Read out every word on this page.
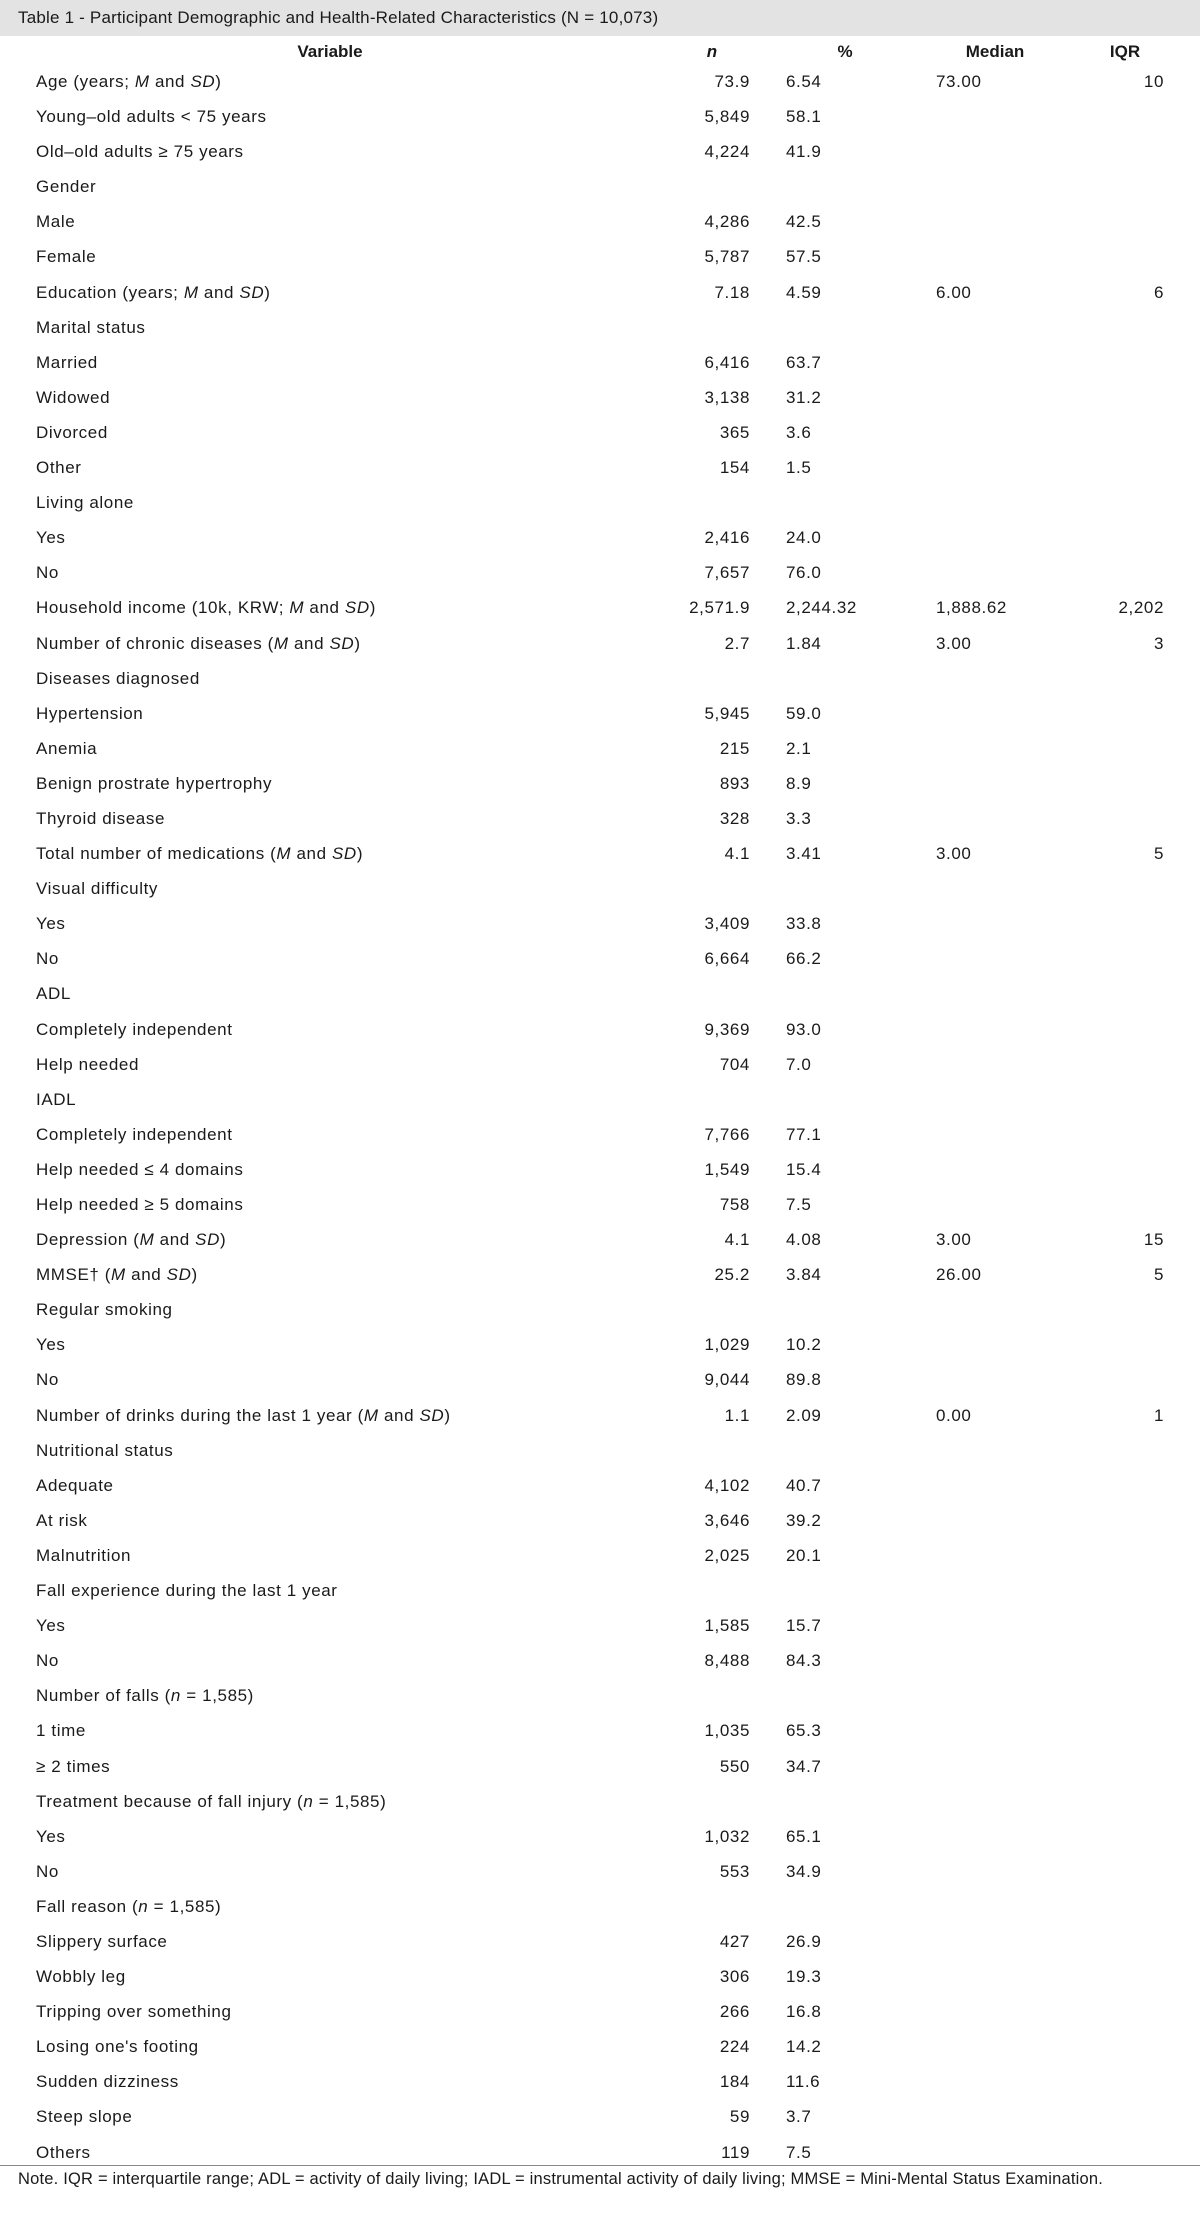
Table 1 - Participant Demographic and Health-Related Characteristics (N = 10,073)
Variable	n	%	Median	IQR
Age (years; M and SD)	73.9 6.54	73.00	10
Young–old adults < 75 years	5,849 58.1
Old–old adults ≥ 75 years	4,224 41.9
Gender
Male	4,286 42.5
Female	5,787 57.5
Education (years; M and SD)	7.18 4.59	6.00	6
Marital status
Married	6,416 63.7
Widowed	3,138 31.2
Divorced	365 3.6
Other	154 1.5
Living alone
Yes	2,416 24.0
No	7,657 76.0
Household income (10k, KRW; M and SD)	2,571.9 2,244.32	1,888.62	2,202
Number of chronic diseases (M and SD)	2.7 1.84	3.00	3
Diseases diagnosed
Hypertension	5,945 59.0
Anemia	215 2.1
Benign prostrate hypertrophy	893 8.9
Thyroid disease	328 3.3
Total number of medications (M and SD)	4.1 3.41	3.00	5
Visual difficulty
Yes	3,409 33.8
No	6,664 66.2
ADL
Completely independent	9,369 93.0
Help needed	704 7.0
IADL
Completely independent	7,766 77.1
Help needed ≤ 4 domains	1,549 15.4
Help needed ≥ 5 domains	758 7.5
Depression (M and SD)	4.1 4.08	3.00	15
MMSE† (M and SD)	25.2 3.84	26.00	5
Regular smoking
Yes	1,029 10.2
No	9,044 89.8
Number of drinks during the last 1 year (M and SD)	1.1 2.09	0.00	1
Nutritional status
Adequate	4,102 40.7
At risk	3,646 39.2
Malnutrition	2,025 20.1
Fall experience during the last 1 year
Yes	1,585 15.7
No	8,488 84.3
Number of falls (n = 1,585)
1 time	1,035 65.3
≥ 2 times	550 34.7
Treatment because of fall injury (n = 1,585)
Yes	1,032 65.1
No	553 34.9
Fall reason (n = 1,585)
Slippery surface	427 26.9
Wobbly leg	306 19.3
Tripping over something	266 16.8
Losing one's footing	224 14.2
Sudden dizziness	184 11.6
Steep slope	59 3.7
Others	119 7.5
Note. IQR = interquartile range; ADL = activity of daily living; IADL = instrumental activity of daily living; MMSE = Mini-Mental Status Examination.
